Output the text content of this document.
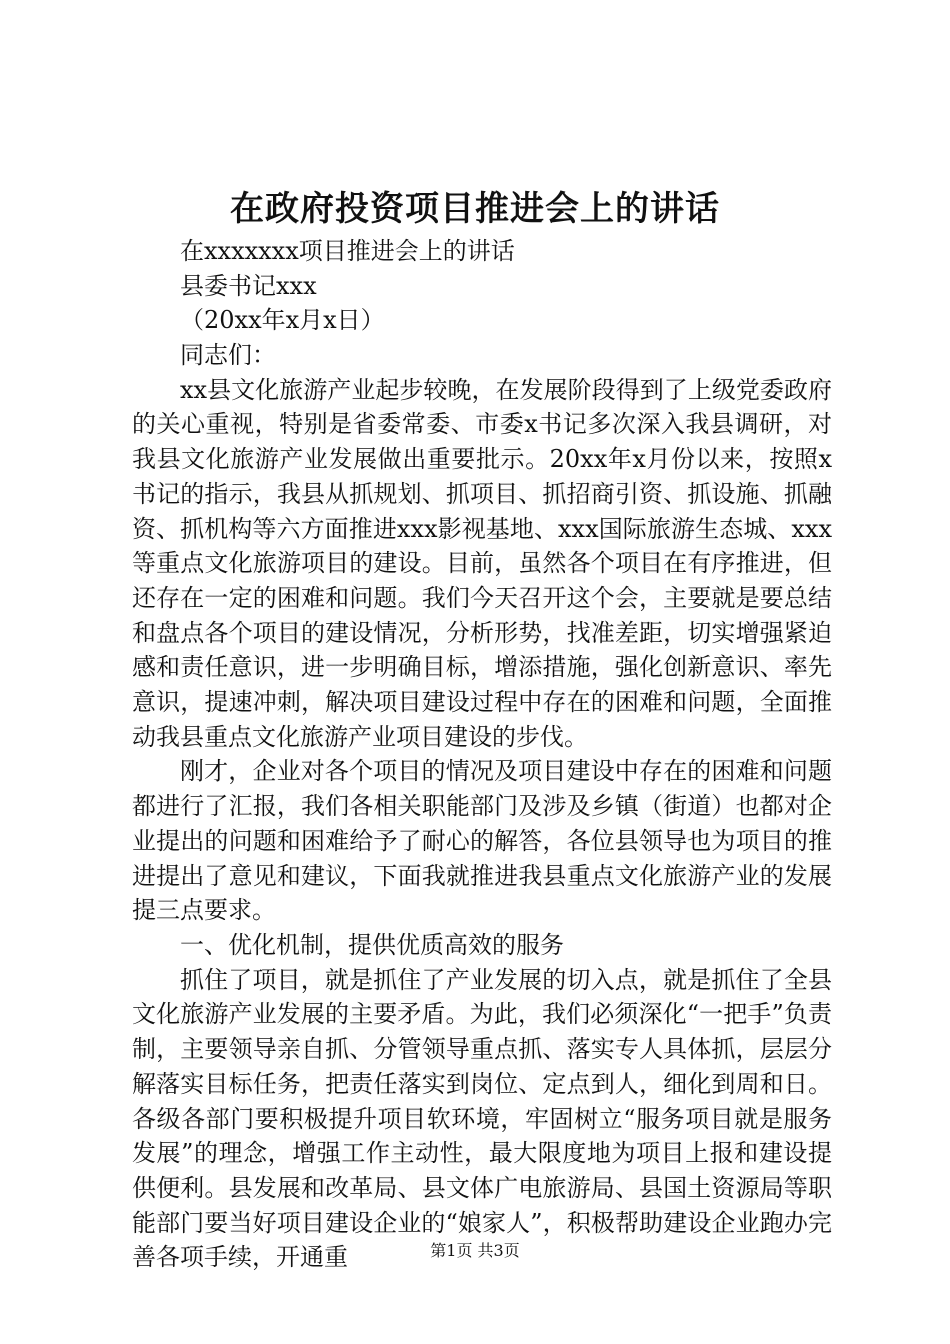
在政府投资项目推进会上的讲话
在xxxxxxx项目推进会上的讲话
县委书记xxx
（20xx年x月x日）
同志们：

xx县文化旅游产业起步较晚，在发展阶段得到了上级党委政府的关心重视，特别是省委常委、市委x书记多次深入我县调研，对我县文化旅游产业发展做出重要批示。20xx年x月份以来，按照x书记的指示，我县从抓规划、抓项目、抓招商引资、抓设施、抓融资、抓机构等六方面推进xxx影视基地、xxx国际旅游生态城、xxx等重点文化旅游项目的建设。目前，虽然各个项目在有序推进，但还存在一定的困难和问题。我们今天召开这个会，主要就是要总结和盘点各个项目的建设情况，分析形势，找准差距，切实增强紧迫感和责任意识，进一步明确目标，增添措施，强化创新意识、率先意识，提速冲刺，解决项目建设过程中存在的困难和问题，全面推动我县重点文化旅游产业项目建设的步伐。

刚才，企业对各个项目的情况及项目建设中存在的困难和问题都进行了汇报，我们各相关职能部门及涉及乡镇（街道）也都对企业提出的问题和困难给予了耐心的解答，各位县领导也为项目的推进提出了意见和建议，下面我就推进我县重点文化旅游产业的发展提三点要求。

一、优化机制，提供优质高效的服务

抓住了项目，就是抓住了产业发展的切入点，就是抓住了全县文化旅游产业发展的主要矛盾。为此，我们必须深化“一把手”负责制，主要领导亲自抓、分管领导重点抓、落实专人具体抓，层层分解落实目标任务，把责任落实到岗位、定点到人，细化到周和日。各级各部门要积极提升项目软环境，牢固树立“服务项目就是服务发展”的理念，增强工作主动性，最大限度地为项目上报和建设提供便利。县发展和改革局、县文体广电旅游局、县国土资源局等职能部门要当好项目建设企业的“娘家人”，积极帮助建设企业跑办完善各项手续，开通重	第1页 共3页
